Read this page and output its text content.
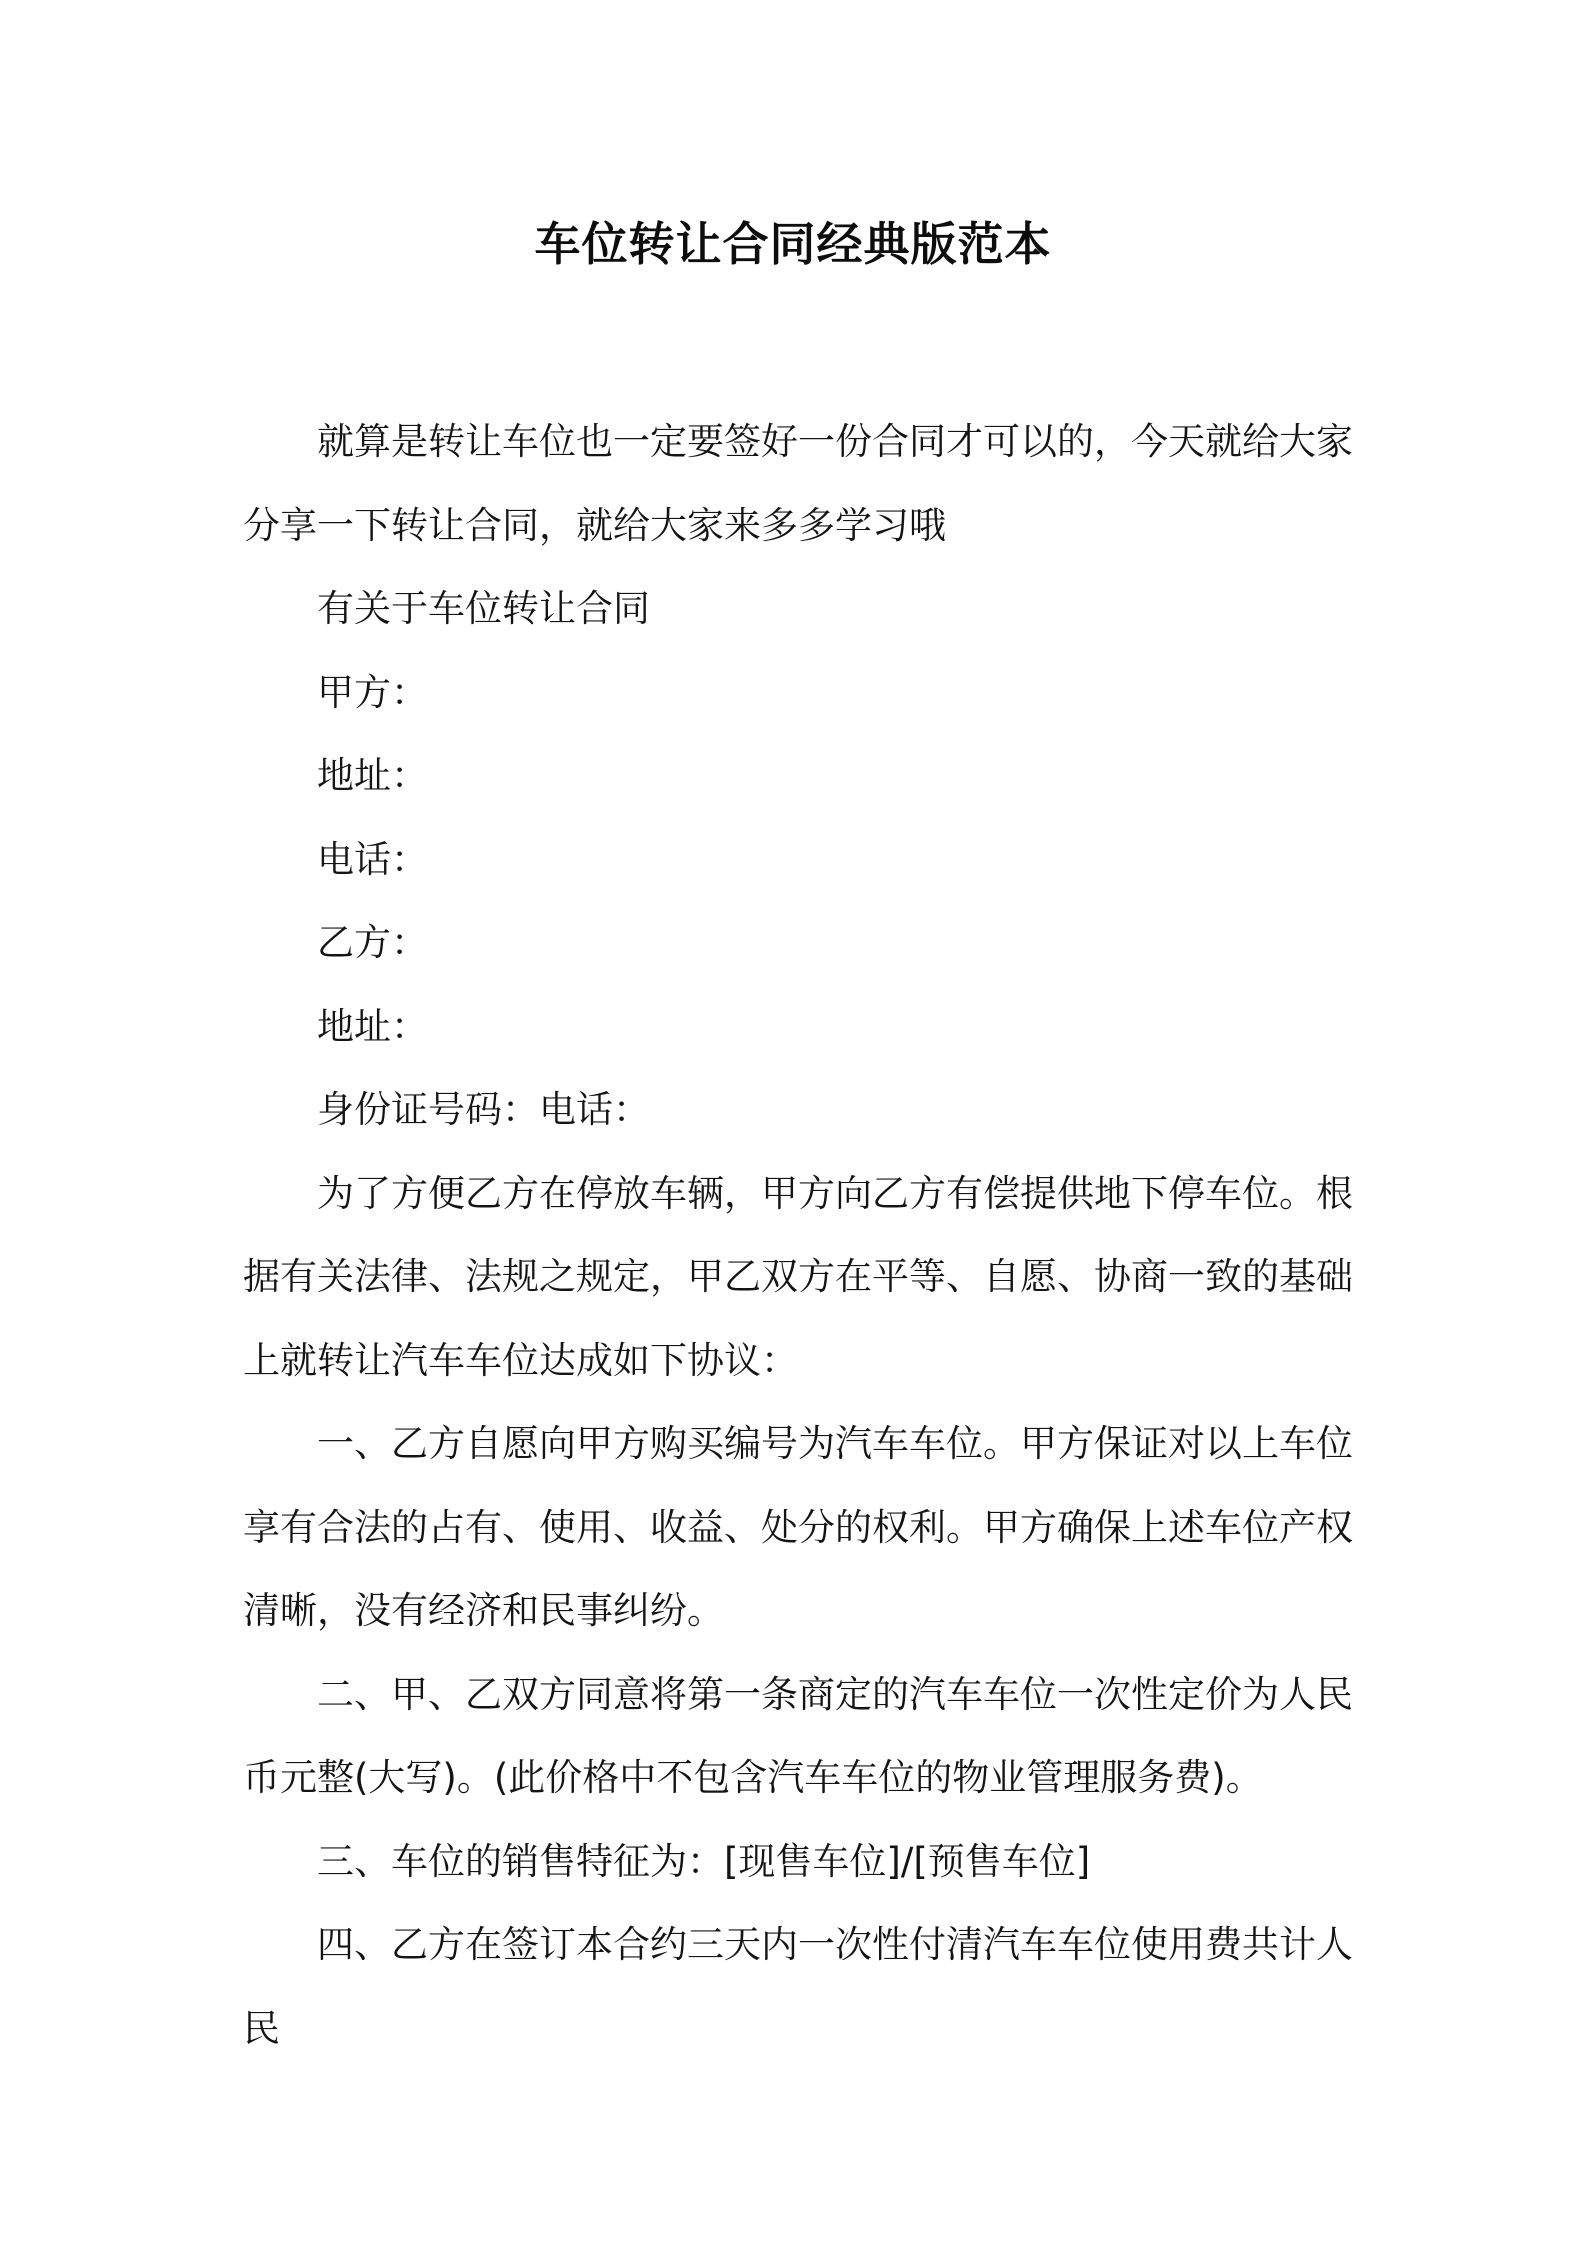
车位转让合同经典版范本

就算是转让车位也一定要签好一份合同才可以的，今天就给大家分享一下转让合同，就给大家来多多学习哦

有关于车位转让合同

甲方：

地址：

电话：

乙方：

地址：

身份证号码：电话：

为了方便乙方在停放车辆，甲方向乙方有偿提供地下停车位。根据有关法律、法规之规定，甲乙双方在平等、自愿、协商一致的基础上就转让汽车车位达成如下协议：

一、乙方自愿向甲方购买编号为汽车车位。甲方保证对以上车位享有合法的占有、使用、收益、处分的权利。甲方确保上述车位产权清晰，没有经济和民事纠纷。

二、甲、乙双方同意将第一条商定的汽车车位一次性定价为人民币元整(大写)。(此价格中不包含汽车车位的物业管理服务费)。

三、车位的销售特征为：[现售车位]/[预售车位]

四、乙方在签订本合约三天内一次性付清汽车车位使用费共计人民
